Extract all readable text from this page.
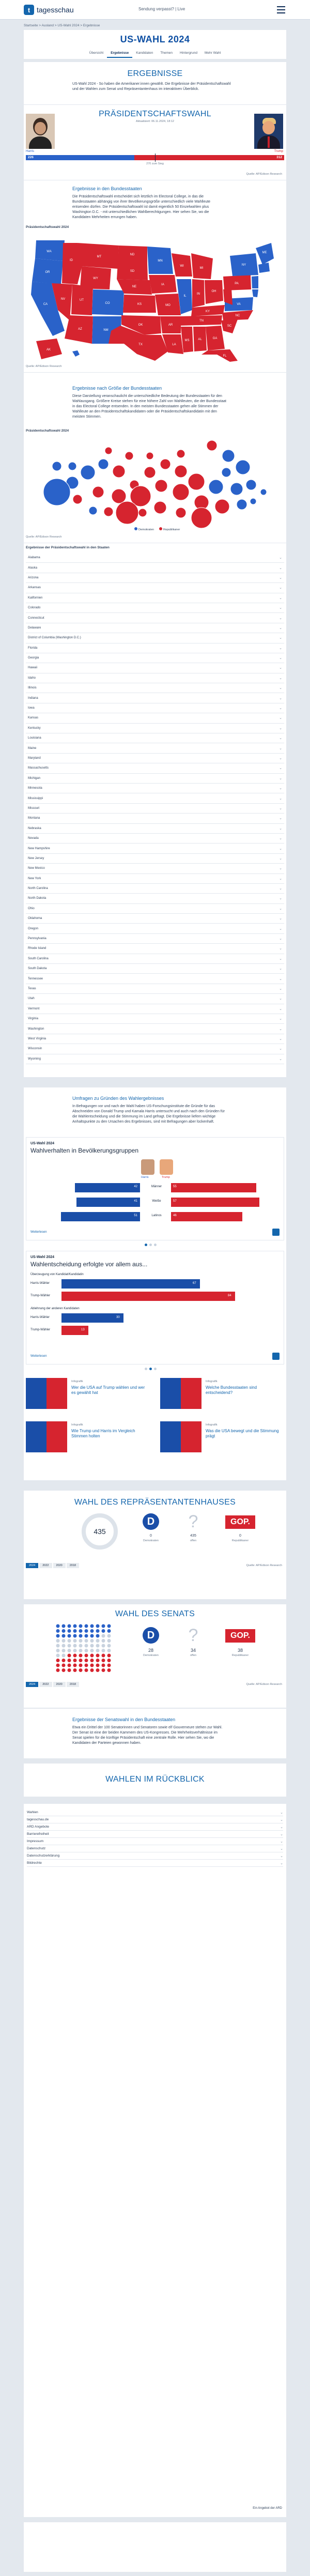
t tagesschau	Sendung verpasst? | Live
Startseite > Ausland > US-Wahl 2024 > Ergebnisse
US-WAHL 2024
Übersicht	Ergebnisse	Kandidaten	Themen	Hintergrund	Mehr Wahl
ERGEBNISSE

US-Wahl 2024 - So haben die Amerikaner:innen gewählt. Die Ergebnisse der Präsidentschaftswahl und der Wahlen zum Senat und Repräsentantenhaus im interaktiven Überblick.

PRÄSIDENTSCHAFTSWAHL
Aktualisiert: 06.11.2024, 18:12
Harris	Trump
226	312
270 zum Sieg
Quelle: AP/Edison Research
Ergebnisse in den Bundesstaaten

Die Präsidentschaftswahl entscheidet sich letztlich im Electoral College, in das die Bundesstaaten abhängig von ihrer Bevölkerungsgröße unterschiedlich viele Wahlleute entsenden dürfen. Die Präsidentschaftswahl ist damit eigentlich 50 Einzelwahlen plus Washington D.C. - mit unterschiedlichen Wahlberechtigungen. Hier sehen Sie, wo die Kandidaten Mehrheiten errungen haben.

Präsidentschaftswahl 2024
WA
OR
CA
NV
ID
MT
WY
UT
CO
AZ	NM
ND
SD
NE
KS
OK
TX
MN
IA
MO
AR
LA
WI
IL
IN
MI
OH
KY
TN
MS	AL	GA
FL
SC
NC
VA
PA
NY
ME
AK
Quelle: AP/Edison Research
Ergebnisse nach Größe der Bundesstaaten

Diese Darstellung veranschaulicht die unterschiedliche Bedeutung der Bundesstaaten für den Wahlausgang. Größere Kreise stehen für eine höhere Zahl von Wahlleuten, die der Bundesstaat in das Electoral College entsenden. In den meisten Bundesstaaten gehen alle Stimmen der Wahlleute an den Präsidentschaftskandidaten oder die Präsidentschaftskandidatin mit den meisten Stimmen.

Präsidentschaftswahl 2024
Demokraten	Republikaner
Quelle: AP/Edison Research
Ergebnisse der Präsidentschaftswahl in den Staaten
Alabama	⌄
Alaska	⌄
Arizona	⌄
Arkansas	⌄
Kalifornien	⌄
Colorado	⌄
Connecticut	⌄
Delaware	⌄
District of Columbia (Washington D.C.)	⌄
Florida	⌄
Georgia	⌄
Hawaii	⌄
Idaho	⌄
Illinois	⌄
Indiana	⌄
Iowa	⌄
Kansas	⌄
Kentucky	⌄
Louisiana	⌄
Maine	⌄
Maryland	⌄
Massachusetts	⌄
Michigan	⌄
Minnesota	⌄
Mississippi	⌄
Missouri	⌄
Montana	⌄
Nebraska	⌄
Nevada	⌄
New Hampshire	⌄
New Jersey	⌄
New Mexico	⌄
New York	⌄
North Carolina	⌄
North Dakota	⌄
Ohio	⌄
Oklahoma	⌄
Oregon	⌄
Pennsylvania	⌄
Rhode Island	⌄
South Carolina	⌄
South Dakota	⌄
Tennessee	⌄
Texas	⌄
Utah	⌄
Vermont	⌄
Virginia	⌄
Washington	⌄
West Virginia	⌄
Wisconsin	⌄
Wyoming	⌄
Umfragen zu Gründen des Wahlergebnisses

In Befragungen vor und nach der Wahl haben US-Forschungsinstitute die Gründe für das Abschneiden von Donald Trump und Kamala Harris untersucht und auch nach den Gründen für die Wahlentscheidung und die Stimmung im Land gefragt. Die Ergebnisse liefern wichtige Anhaltspunkte zu den Ursachen des Ergebnisses, sind mit Befragungen aber lückenhaft.

US-Wahl 2024
Wahlverhalten in Bevölkerungsgruppen
Harris	Trump
42	55
Männer
41	57
Weiße
51	46
Latinos
Weiterlesen
US-Wahl 2024
Wahlentscheidung erfolgte vor allem aus...
Überzeugung von Kandidat/Kandidatin
Harris-Wähler	67
Trump-Wähler	84
Ablehnung der anderen Kandidaten
Harris-Wähler	30
Trump-Wähler	13
Weiterlesen
Infografik
Wer die USA auf Trump wählen und wer es gewählt hat
Infografik
Welche Bundesstaaten sind entscheidend?
Infografik
Wie Trump und Harris im Vergleich Stimmen holten
Infografik
Was die USA bewegt und die Stimmung prägt
WAHL DES REPRÄSENTANTENHAUSES
435
D ?	GOP.
0
Demokraten
435
offen
0
Republikaner
2024	2022	2020	2018	Quelle: AP/Edison Research
WAHL DES SENATS
D ?	GOP.
28
Demokraten
34
offen
38
Republikaner
2024	2022	2020	2018	Quelle: AP/Edison Research
Ergebnisse der Senatswahl in den Bundesstaaten

Etwa ein Drittel der 100 Senatorinnen und Senatoren sowie elf Gouverneure stehen zur Wahl. Der Senat ist eine der beiden Kammern des US-Kongresses. Die Mehrheitsverhältnisse im Senat spielen für die künftige Präsidentschaft eine zentrale Rolle. Hier sehen Sie, wo die Kandidaten der Parteien gewonnen haben.

WAHLEN IM RÜCKBLICK
Wahlen	⌄
tagesschau.de	⌄
ARD Angebote	⌄
Barrierefreiheit	⌄
Impressum	⌄
Datenschutz	⌄
Datenschutzerklärung	⌄
Bildrechte	⌄
Ein Angebot der ARD
